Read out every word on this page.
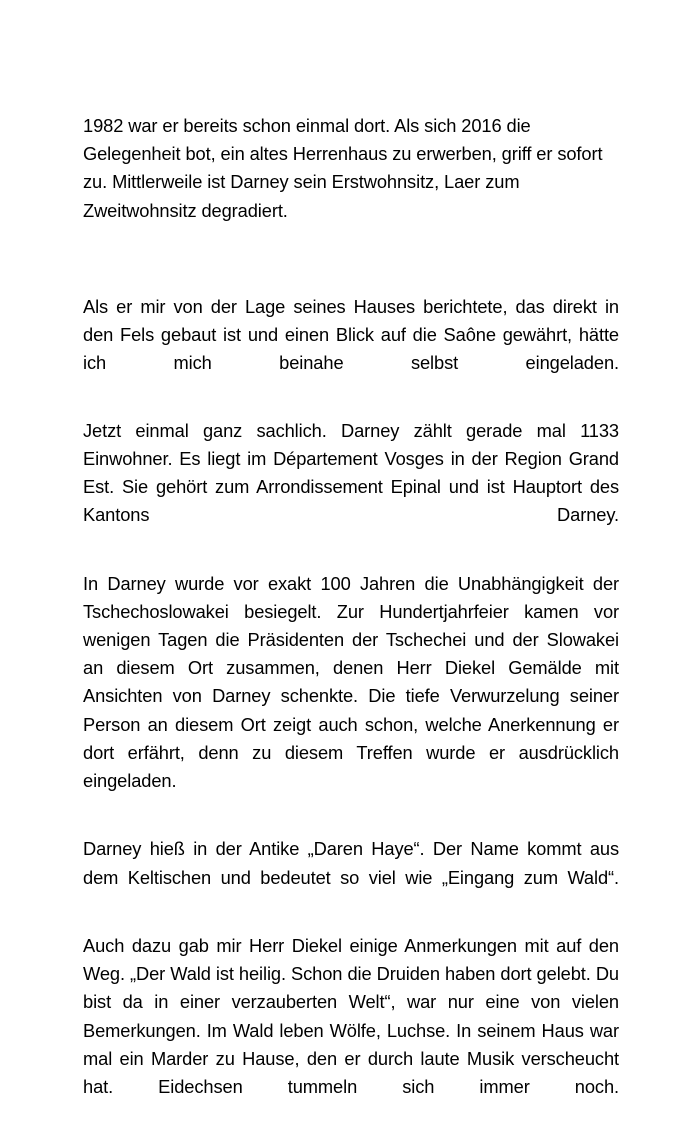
1982 war er bereits schon einmal dort. Als sich 2016 die Gelegenheit bot, ein altes Herrenhaus zu erwerben, griff er sofort zu. Mittlerweile ist Darney sein Erstwohnsitz, Laer zum Zweitwohnsitz degradiert.

Als er mir von der Lage seines Hauses berichtete, das direkt in den Fels gebaut ist und einen Blick auf die Saône gewährt, hätte ich mich beinahe selbst eingeladen.

Jetzt einmal ganz sachlich. Darney zählt gerade mal 1133 Einwohner. Es liegt im Département Vosges in der Region Grand Est. Sie gehört zum Arrondissement Epinal und ist Hauptort des Kantons Darney.

In Darney wurde vor exakt 100 Jahren die Unabhängigkeit der Tschechoslowakei besiegelt. Zur Hundertjahrfeier kamen vor wenigen Tagen die Präsidenten der Tschechei und der Slowakei an diesem Ort zusammen, denen Herr Diekel Gemälde mit Ansichten von Darney schenkte. Die tiefe Verwurzelung seiner Person an diesem Ort zeigt auch schon, welche Anerkennung er dort erfährt, denn zu diesem Treffen wurde er ausdrücklich eingeladen.

Darney hieß in der Antike „Daren Haye“. Der Name kommt aus dem Keltischen und bedeutet so viel wie „Eingang zum Wald“.

Auch dazu gab mir Herr Diekel einige Anmerkungen mit auf den Weg. „Der Wald ist heilig. Schon die Druiden haben dort gelebt. Du bist da in einer verzauberten Welt“, war nur eine von vielen Bemerkungen. Im Wald leben Wölfe, Luchse. In seinem Haus war mal ein Marder zu Hause, den er durch laute Musik verscheucht hat. Eidechsen tummeln sich immer noch.
